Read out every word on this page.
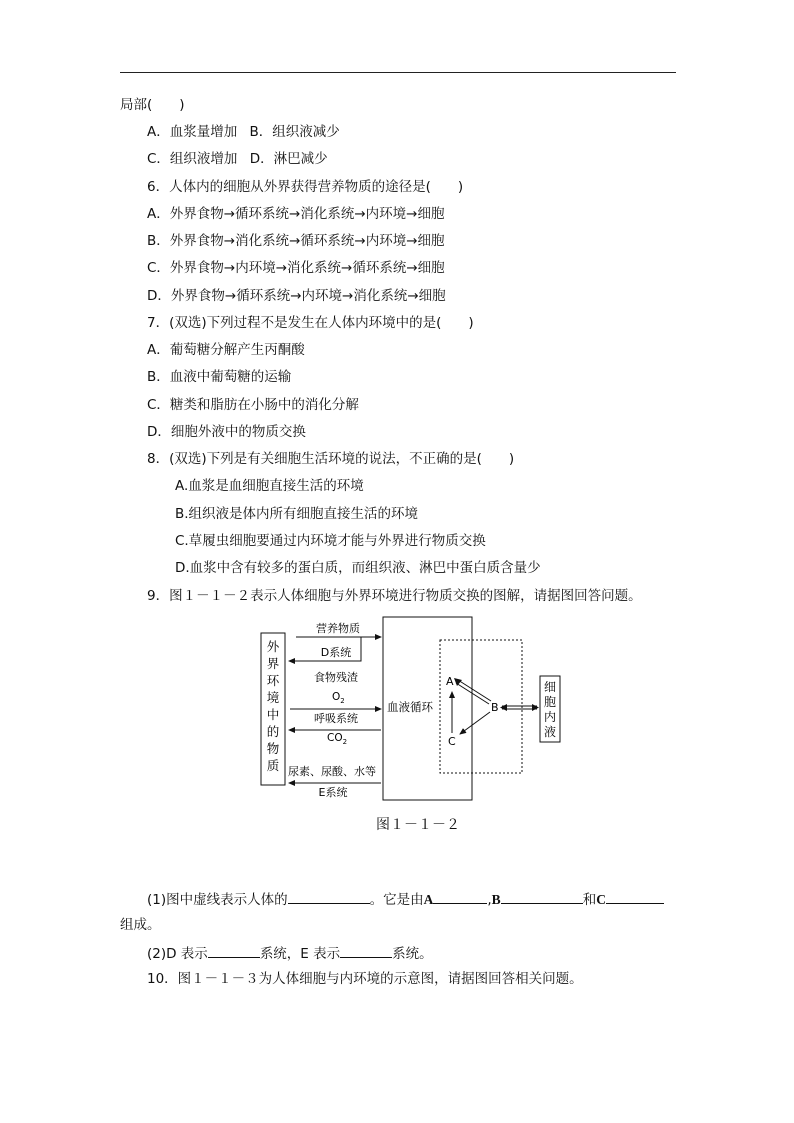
局部(　　)
A．血浆量增加 B．组织液减少
C．组织液增加 D．淋巴减少
6．人体内的细胞从外界获得营养物质的途径是(　　)
A．外界食物→循环系统→消化系统→内环境→细胞
B．外界食物→消化系统→循环系统→内环境→细胞
C．外界食物→内环境→消化系统→循环系统→细胞
D．外界食物→循环系统→内环境→消化系统→细胞
7．(双选)下列过程不是发生在人体内环境中的是(　　)
A．葡萄糖分解产生丙酮酸
B．血液中葡萄糖的运输
C．糖类和脂肪在小肠中的消化分解
D．细胞外液中的物质交换
8．(双选)下列是有关细胞生活环境的说法，不正确的是(　　)
A.血浆是血细胞直接生活的环境
B.组织液是体内所有细胞直接生活的环境
C.草履虫细胞要通过内环境才能与外界进行物质交换
D.血浆中含有较多的蛋白质，而组织液、淋巴中蛋白质含量少
9．图１－１－２表示人体细胞与外界环境进行物质交换的图解，请据图回答问题。
外
界
环
境
中
的
物
质
血液循环
营养物质
D系统
食物残渣
$O_2$
呼吸系统
$CO_2$
尿素、尿酸、水等
E系统
A
B
C
细
胞
内
液
图１－１－２
(1)图中虚线表示人体的	。它是由A	,B	和C
组成。
(2)D 表示	系统，E 表示	系统。
10．图１－１－３为人体细胞与内环境的示意图，请据图回答相关问题。
